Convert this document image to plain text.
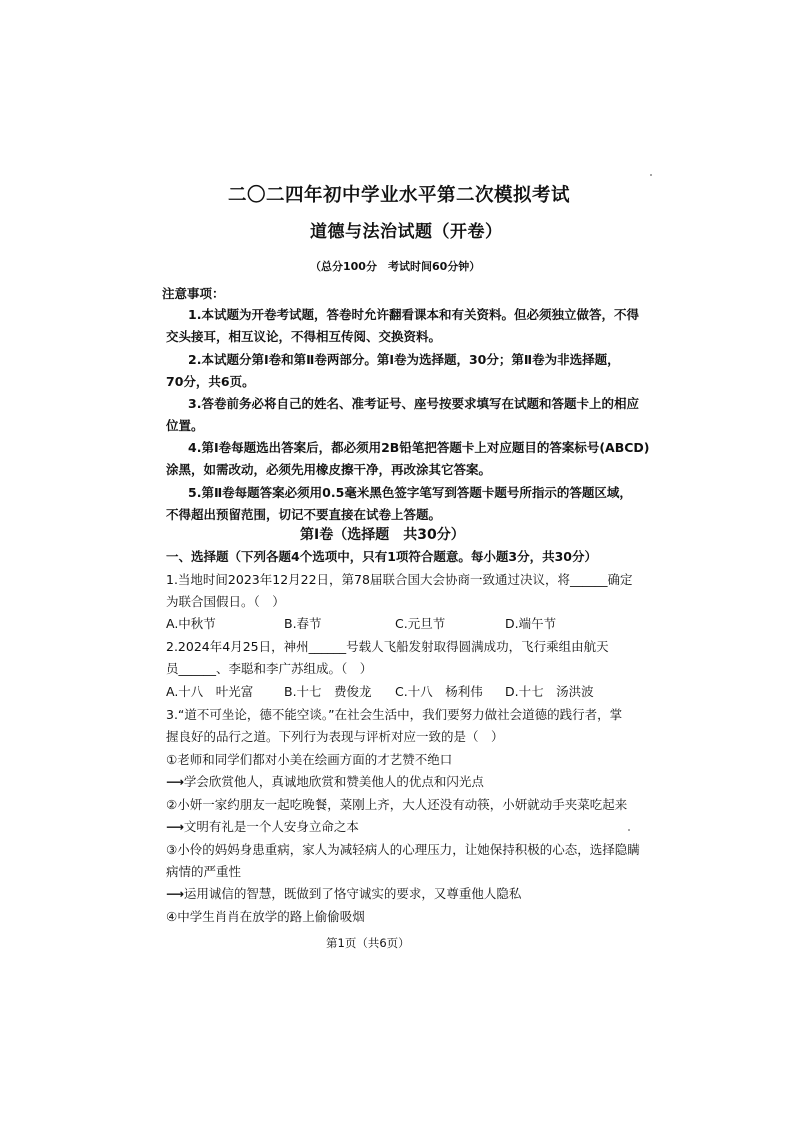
二〇二四年初中学业水平第二次模拟考试
道德与法治试题（开卷）
（总分100分　考试时间60分钟）
注意事项：
1.本试题为开卷考试题，答卷时允许翻看课本和有关资料。但必须独立做答，不得
交头接耳，相互议论，不得相互传阅、交换资料。
2.本试题分第Ⅰ卷和第Ⅱ卷两部分。第Ⅰ卷为选择题，30分；第Ⅱ卷为非选择题，
70分，共6页。
3.答卷前务必将自己的姓名、准考证号、座号按要求填写在试题和答题卡上的相应
位置。
4.第Ⅰ卷每题选出答案后，都必须用2B铅笔把答题卡上对应题目的答案标号(ABCD)
涂黑，如需改动，必须先用橡皮擦干净，再改涂其它答案。
5.第Ⅱ卷每题答案必须用0.5毫米黑色签字笔写到答题卡题号所指示的答题区域，
不得超出预留范围，切记不要直接在试卷上答题。
第Ⅰ卷（选择题　共30分）
一、选择题（下列各题4个选项中，只有1项符合题意。每小题3分，共30分）
1.当地时间2023年12月22日，第78届联合国大会协商一致通过决议，将______确定
为联合国假日。（　）
A.中秋节	B.春节	C.元旦节	D.端午节
2.2024年4月25日，神州______号载人飞船发射取得圆满成功，飞行乘组由航天
员______、李聪和李广苏组成。（　）
A.十八　叶光富 B.十七　费俊龙 C.十八　杨利伟 D.十七　汤洪波
3.“道不可坐论，德不能空谈。”在社会生活中，我们要努力做社会道德的践行者，掌
握良好的品行之道。下列行为表现与评析对应一致的是（　）
①老师和同学们都对小美在绘画方面的才艺赞不绝口
⟶学会欣赏他人，真诚地欣赏和赞美他人的优点和闪光点
②小妍一家约朋友一起吃晚餐，菜刚上齐，大人还没有动筷，小妍就动手夹菜吃起来
⟶文明有礼是一个人安身立命之本
③小伶的妈妈身患重病，家人为减轻病人的心理压力，让她保持积极的心态，选择隐瞒
病情的严重性
⟶运用诚信的智慧，既做到了恪守诚实的要求，又尊重他人隐私
④中学生肖肖在放学的路上偷偷吸烟
第1页（共6页）
